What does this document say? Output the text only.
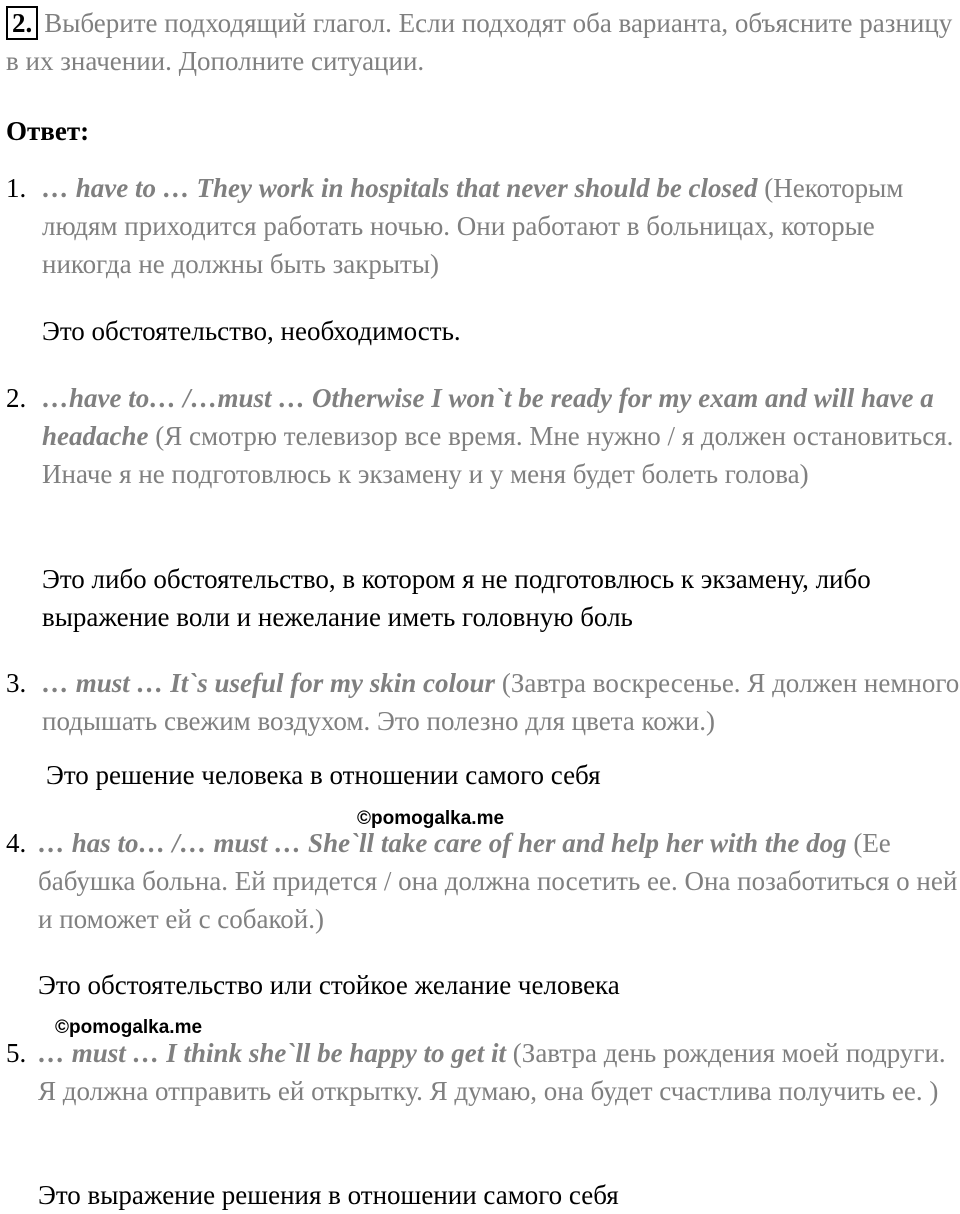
2. Выберите подходящий глагол. Если подходят оба варианта, объясните разницу в их значении. Дополните ситуации.
Ответ:
1. … have to … They work in hospitals that never should be closed (Некоторым людям приходится работать ночью. Они работают в больницах, которые никогда не должны быть закрыты)
Это обстоятельство, необходимость.
2. …have to… /…must … Otherwise I won`t be ready for my exam and will have a headache (Я смотрю телевизор все время. Мне нужно / я должен остановиться. Иначе я не подготовлюсь к экзамену и у меня будет болеть голова)
Это либо обстоятельство, в котором я не подготовлюсь к экзамену, либо выражение воли и нежелание иметь головную боль
3. … must … It`s useful for my skin colour (Завтра воскресенье. Я должен немного подышать свежим воздухом. Это полезно для цвета кожи.)
Это решение человека в отношении самого себя
©pomogalka.me
4. … has to… /… must … She`ll take care of her and help her with the dog (Ее бабушка больна. Ей придется / она должна посетить ее. Она позаботиться о ней и поможет ей с собакой.)
Это обстоятельство или стойкое желание человека
©pomogalka.me
5. … must … I think she`ll be happy to get it (Завтра день рождения моей подруги. Я должна отправить ей открытку. Я думаю, она будет счастлива получить ее. )
Это выражение решения в отношении самого себя
